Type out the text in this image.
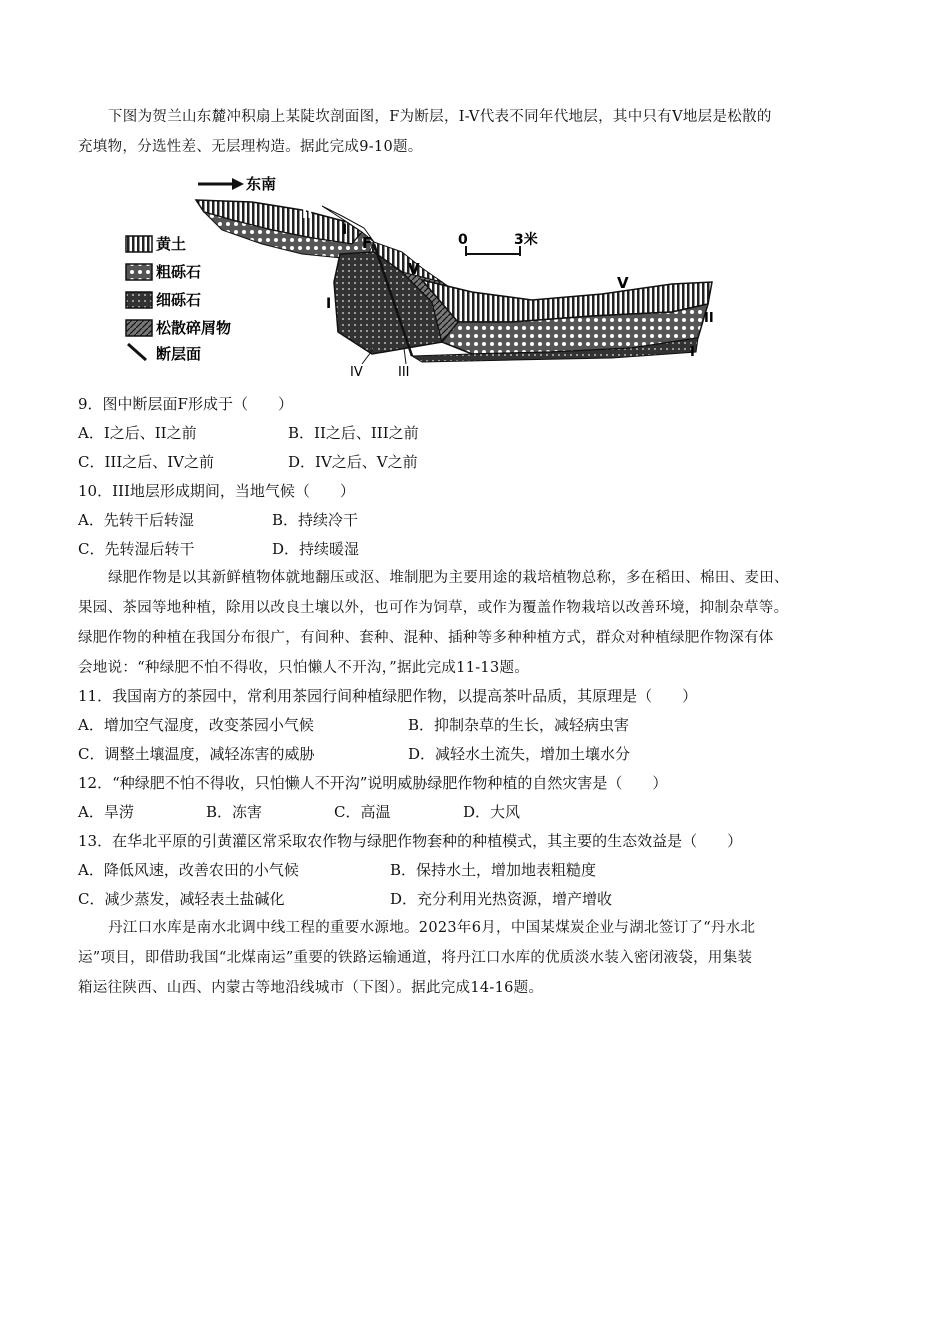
下图为贺兰山东麓冲积扇上某陡坎剖面图，F为断层，I-V代表不同年代地层，其中只有V地层是松散的
充填物，分选性差、无层理构造。据此完成9-10题。
东南
黄土
粗砾石
细砾石
松散碎屑物
断层面
II
I
F
V
I
V
II
I
IV	III
0	3米
9．图中断层面F形成于（　　）
A．I之后、II之前	B．II之后、III之前
C．III之后、IV之前	D．IV之后、V之前
10．III地层形成期间，当地气候（　　）
A．先转干后转湿	B．持续冷干
C．先转湿后转干	D．持续暖湿
绿肥作物是以其新鲜植物体就地翻压或沤、堆制肥为主要用途的栽培植物总称，多在稻田、棉田、麦田、
果园、茶园等地种植，除用以改良土壤以外，也可作为饲草，或作为覆盖作物栽培以改善环境，抑制杂草等。
绿肥作物的种植在我国分布很广，有间种、套种、混种、插种等多种种植方式，群众对种植绿肥作物深有体
会地说：“种绿肥不怕不得收，只怕懒人不开沟，”据此完成11-13题。
11．我国南方的茶园中，常利用茶园行间种植绿肥作物，以提高茶叶品质，其原理是（　　）
A．增加空气湿度，改变茶园小气候	B．抑制杂草的生长，减轻病虫害
C．调整土壤温度，减轻冻害的威胁	D．减轻水土流失，增加土壤水分
12．“种绿肥不怕不得收，只怕懒人不开沟”说明威胁绿肥作物种植的自然灾害是（　　）
A．旱涝	B．冻害	C．高温	D．大风
13．在华北平原的引黄灌区常采取农作物与绿肥作物套种的种植模式，其主要的生态效益是（　　）
A．降低风速，改善农田的小气候	B．保持水土，增加地表粗糙度
C．减少蒸发，减轻表土盐碱化	D．充分利用光热资源，增产增收
丹江口水库是南水北调中线工程的重要水源地。2023年6月，中国某煤炭企业与湖北签订了“丹水北
运”项目，即借助我国“北煤南运”重要的铁路运输通道，将丹江口水库的优质淡水装入密闭液袋，用集装
箱运往陕西、山西、内蒙古等地沿线城市（下图）。据此完成14-16题。
